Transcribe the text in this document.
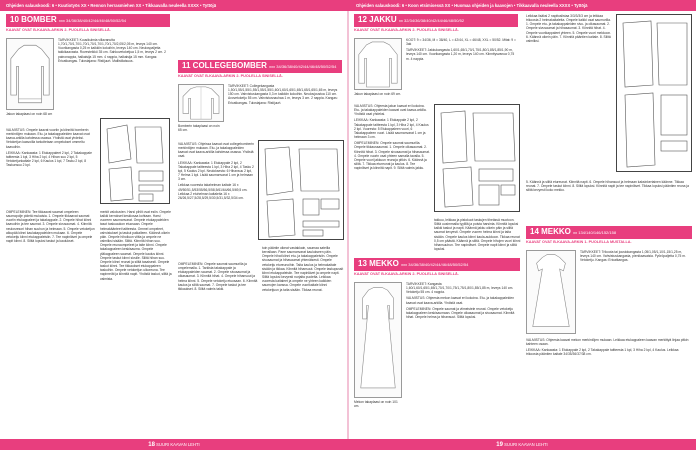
Ohjeiden salauskoodi: 6 • Kuutiotyös XX • Rennon herrasmiehen XX • Tikkaavalla neuleella XXXX • Tyttöjä	Ohjeiden salauskoodi: 6 • Koon etsimisessä XX • Huomaa ohjeiden ja kaavojen • Tikkaavalla neuleella XXXX • Tyttöjä
10 BOMBER xxx 34/36/38/40/42/44/46/48/50/52/54
KAAVAT OVAT B-KAAVA-ARKIN 2. PUOLELLA SINISELLÄ.
Jakun takaplaasi on noin 68 cm

TARVIKKEET: Kuusikulmia villavanutta 1,70/1,70/1,70/1,70/1,70/1,70/1,70/1,70/2,05/2,05 m, leveys 140 cm. Vuorikangasta 0,25 m kaikkiin kokoihin, leveys 140 cm. Neulospaljetta takkikaavasta. Rovesteikkö 35 cm. Sahkovetoketjua 1,5 m, leveys 2 cm. 2 painonappia, halkaisija 15 mm. 4 nappia, halkaisija 15 mm. Kangas: Ericatkangas. Tulostajana: Ristijuurt. Mallistilaisuus.

VALMISTUS: Ompele kaavat vuoriin ja kiinnitä bomberin merkintöjen mukaan. Etu- ja takakappaleiden kaavat ovat kaava-arkilla kahdessa osassa. Yhdistä osat yhdeksi. Vetoketjun kaavoilla tarkoitetaan ompelukset ommeltu kaavoihin.

LEIKKAA: Kankaasta: 1 Etukappaleet 2 kpl, 2 Takakappale taitteesta 1 kpl, 3 Hiha 2 kpl, 4 Hihan suu 2 kpl, 5 Vetoketjunkaitale 2 kpl, 6 Kaulus 1 kpl, 7 Tasku 2 kpl, 8 Taskunsuu 2 kpl.

OMPELEMINEN: Tee tikkaavat saumat ompeleen saumapolje pidetä mukaisia. 1. Ompele tikkaavat saumat vuoriin etukappaleet ja takakappale. 2. Ompele hihat kiinni kaavoihin ja tee saumat. 3. Ompele sivusaumat. 4. Kiinnitä neulosresori hihan suuhun ja helmaan. 5. Ompele vetoketjun alkupää kiinni kaulakappaleiden mukaan. 6. Ompele vetoketju kiinni etukappaleisiin. 7. Tee napinlävet ja ompele napit kiinni. 8. Silitä lopuksi taskut ja kaulukset.

merkit valokuvien. Harsi pihlit ovat esiin. Ompele kaikki kerrokset keskiosaa kohtaan. Harsi vuoreen saumanvarat. Ompele etukappaleiden tasot taskuaukon etuosaan. Ompele helmakäänteet taitteesta. Ommel ompeleet, vahvistukset ja taskut paikalleen. Käännä oikein päin. Ompele hihoiluun viitta ja ompele ne valmiiksi sisään. Silitä. Kiinnitä hihan suu. Ompele reunaompeleet ja taite kiinni. Ompele takakappaleen keskisauma. Ompele yläkappaleen saumat. Ompele kaulus kiinni. Ompele taskut kiinni sivulle. Silitä hihan suu. Ompele kiinni reunat ja silitä tasaisesti. Ompele taskut kiinni. Tee tikkaukset etukappaleen taskuihin. Ompele vetoketjun ulkoreuna. Tee napinreiät ja kiinnitä napit. Yhdistä taskut, silitä ja valmista.

11 COLLEGEBOMBER xxx 34/36/38/40/42/44/46/48/50/52/54
KAAVAT OVAT B-KAAVA-ARKIN 2. PUOLELLA SINISELLÄ.
Bomberin takaplaasi on noin 65 cm.

TARVIKKEET: Collegekangasta 1,50/1,55/1,55/1,55/1,55/1,55/1,60/1,60/1,65/1,65/1,65/1,65/1,65 m, leveys 150 cm. Vahvistuskangasta 0,3 m kaikkiin kokoihin. Neulosjoustoa 110 cm. Avovetoketju 55 cm. Vahvistusnauhaa 1 m, leveys 3 cm. 2 nappia. Kangas: Ericatkangas. Tulostajana: Ristijuurt.

VALMISTUS: Ohjeissa kaavat ovat collegebomberin merkintöjen mukaan. Etu- ja takakappaleiden kaavat ovat kaava-arkilla kahdessa osassa. Yhdistä osat.

LEIKKAA: Kankaasta: 1 Etukappale 2 kpl, 2 Takakappale taitteesta 1 kpl, 3 Hiha 2 kpl, 4 Tasku 2 kpl, 5 Kaulus 2 kpl. Neuloksesta: 6 Hihansuu 2 kpl, 7 Helma 1 kpl. Lisää saumanvarat 1 cm ja helmaan 3 cm.

Leikkaa vuoresta takahelman kaitale 16 x 49/50/51,5/53/55/56,5/58,5/61/64/66,5/69,5 cm. Leikkaa 2 etuhelman kaitaleita 16 x 26/26,5/27,5/28,5/29,5/30,5/31,5/32,5/34 cm.

OMPELEMINEN: Ompele saumat saumurilla ja ompelemalla. 1. Tarkista takakappale ja etukappaleiden saumat. 2. Ompele sivusaumat ja olkasaumat. 3. Kiinnitä hihat. 4. Ompele hihansuut ja helma kiinni. 5. Ompele vetoketju etuosaan. 6. Kiinnitä kaulus ja silitä saumat. 7. Ompele taskut ja tee tikkaukset. 8. Silitä valmis takki.

tuin pääntie oikeat vastakkain, saumaa sateilla kerrallaan. Pane saumanvarat kaulukseen päin. Ompele hihat kiinni etu- ja takakappaleisiin. Ompele sivusaumat ja hihasaumat yhtenäisesti. Ompele vetoketju etureunoihin. Taita kaulus ja helmakaitale sisään ja tikkaa. Kiinnitä hihansuut. Ompele taskupussit kiinni etukappaleisiin. Tee napinlävet ja ompele napit. Silitä lopuksi kevyesti nurjalta puolelta. Leikkaa vuoresta kaitaleet ja ompele ne yhteen kaikkien saumojen kanssa. Ompele vuorikaitale kiinni vetoketjuun ja taita sisään. Tikkaa reunat.

12 JAKKU xx 32/34/36/38/40/42/44/46/48/50/52
KAAVAT OVAT B-KAAVA-ARKIN 2. PUOLELLA SINISELLÄ.
Jakun takaplaasi on noin 69 cm.

KOOT: 9 = 34/36, M = 38/40, L = 42/44, XL = 46/48, XXL = 50/52. Mitat: 9 = 3ak

TARVIKKEET: Jakkukangasta 1,60/1,65/1,70/1,75/1,80/1,85/1,85/1,90 m, leveys 140 cm. Vuorikangasta 1,20 m, leveys 140 cm. Kiinnitysvanua 0,75 m. 4 nappia.

VALMISTUS: Ohjeesta jakun kaavat eri kokoina. Etu- ja takakappaleiden kaavat ovat kaava-arkilla. Yhdistä osat yhdeksi.

LEIKKAA: Kankaasta: 1 Etukappale 2 kpl, 2 Takakappale taitteesta 1 kpl, 3 Hiha 2 kpl, 4 Kaulus 2 kpl. Vuoresta: 5 Etukappaleen vuori, 6 Takakappaleen vuori. Lisää saumanvarat 1 cm ja helmaan 3 cm.

OMPELEMINEN: Ompele saumat saumurilla. Ompele tikkaussaumat. 1. Ompele olkasaumat. 2. Kiinnitä hihat. 3. Ompele sivusaumat ja hihasaumat. 4. Ompele vuorin osat yhteen samalla tavalla. 5. Ompele vuori jakkuun reunoja pitkin. 6. Käännä ja silitä. 7. Tikkaa etureunat ja kaulus. 8. Tee napinlävet ja kiinnitä napit. 9. Silitä valmis jakku.

takkuu, leikkaa ja pistokuot taskujen tiheässä muotoon. Silitä uusimmalla tyylillä ja poista harsinta. Kiinnitä lopuksi kaikki taskut ja napit. Käännä jakku oikein päin ja silitä saumat kevyesti. Ompele vuoren helma kiinni ja taita sisään. Ompele kaulus kiinni kaula-aukkoon. Tikkaa reunat 0,5 cm päästä. Käännä ja silitä. Ompele hihojen vuori kiinni hihansuuhun. Tee napinlävet. Ompele napit kiinni ja silitä lopuksi.

13 MEKKO xxx 34/36/38/40/42/44/46/48/50/52/54
KAAVAT OVAT B-KAAVA-ARKIN 2. PUOLELLA SINISELLÄ.
Mekon takaplaasi on noin 101 cm.

TARVIKKEET: Kangasta 1,60/1,60/1,65/1,65/1,70/1,70/1,75/1,75/1,80/1,85/1,85 m, leveys 140 cm. Vetoketju 55 cm. 4 nappia.

VALMISTUS: Ohjeesta mekon kaavat eri kokoina. Etu- ja takakappaleiden kaavat ovat kaava-arkilla. Yhdistä osat.

OMPELEMINEN: Ompele saumat ja viimeistele reunat. Ompele vetoketju takakappaleen keskisaumaan. Ompele olkasaumat ja sivusaumat. Kiinnitä hihat. Ompele helma ja hihansuut. Silitä lopuksi.

Leikkaa lisäksi 2 napituslistaa 3/3/3/3/3 cm ja leikkaa trikoosta 2 helmakaitaletta. Ompele kaikki osat saumurilla. 1. Ompele etu- ja takakappaleiden sivu- ja olkasaumat. 2. Ompele sivusaumat ja hihasaumat. 3. Kiinnitä hihat. 4. Ompele vuorikappaleet yhteen. 5. Ompele vuori mekkoon. 6. Käännä oikein päin. 7. Kiinnitä pääntien kaitale. 8. Silitä valmiiksi.

5. Käännä ja silitä etureunat. Kiinnitä napit. 6. Ompele hihansuut ja helmaan kaksinkertainen käänne. Tikkaa reunat. 7. Ompele taskut kiinni. 8. Silitä lopuksi. Kiinnitä napit ja tee napinlävet. Tikkaa lopuksi pääntien reuna ja silitä kevyesti koko mekko.

14 MEKKO xx 134/140/146/152/158
KAAVAT OVAT B-KAAVA-ARKIN 1. PUOLELLA MUSTALLA.

TARVIKKEET: Trikoota tai joustokangasta 1,05/1,05/1,10/1,15/1,25 m, leveys 140 cm. Vahvistuskangasta, pienikaavaisia. Pyöröpaljetta 0,75 m. Vetoketju. Kangas: Ericatkangas.

VALMISTUS: Ohjeesta kaavat mekon merkintöjen mukaan. Leikkaa etukappaleen kaavan merkittyä linjaa pitkin kahteen osaan.

LEIKKAA: Kankaasta: 1 Etukappale 2 kpl, 2 Takakappale taitteesta 1 kpl, 3 Hiha 2 kpl, 4 Kaulus. Leikkaa trikoosta pääntien kaitale 34/35/36/37/38 cm.

18 SUURI KAAVAN LEHTI	19 SUURI KAAVAN LEHTI
